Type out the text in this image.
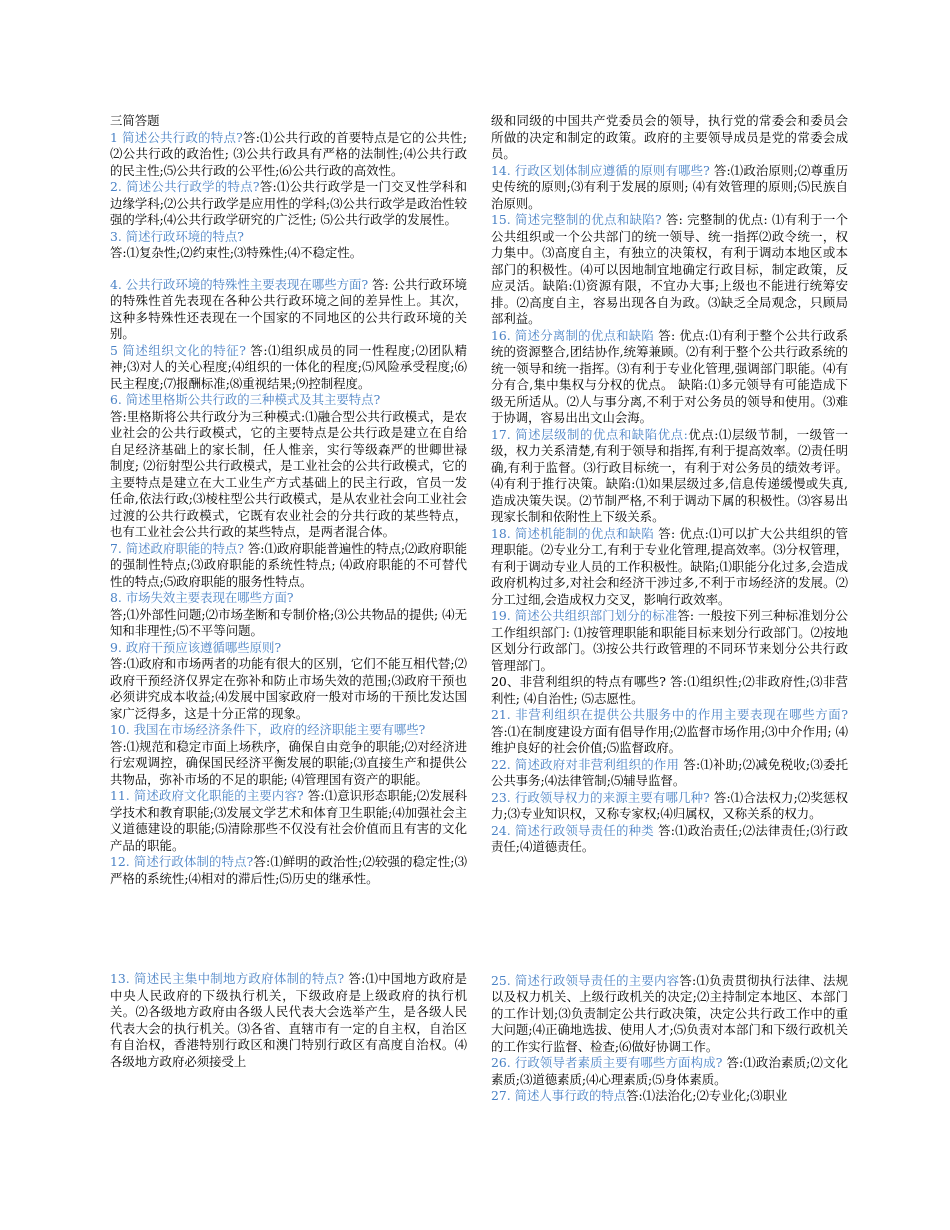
三简答题

1 简述公共行政的特点?答:⑴公共行政的首要特点是它的公共性;⑵公共行政的政治性; ⑶公共行政具有严格的法制性;⑷公共行政的民主性;⑸公共行政的公平性;⑹公共行政的高效性。

2. 简述公共行政学的特点?答:⑴公共行政学是一门交叉性学科和边缘学科;⑵公共行政学是应用性的学科;⑶公共行政学是政治性较强的学科;⑷公共行政学研究的广泛性; ⑸公共行政学的发展性。

3. 简述行政环境的特点?

答:⑴复杂性;⑵约束性;⑶特殊性;⑷不稳定性。

4. 公共行政环境的特殊性主要表现在哪些方面? 答: 公共行政环境的特殊性首先表现在各种公共行政环境之间的差异性上。其次，这种多特殊性还表现在一个国家的不同地区的公共行政环境的关别。

5 简述组织文化的特征? 答:⑴组织成员的同一性程度;⑵团队精神;⑶对人的关心程度;⑷组织的一体化的程度;⑸风险承受程度;⑹民主程度;⑺报酬标准;⑻重视结果;⑼控制程度。

6. 简述里格斯公共行政的三种模式及其主要特点?

答:里格斯将公共行政分为三种模式:⑴融合型公共行政模式，是农业社会的公共行政模式，它的主要特点是公共行政是建立在自给自足经济基础上的家长制，任人惟亲，实行等级森严的世卿世禄制度; ⑵衍射型公共行政模式，是工业社会的公共行政模式，它的主要特点是建立在大工业生产方式基础上的民主行政，官员一发任命,依法行政;⑶棱柱型公共行政模式，是从农业社会向工业社会过渡的公共行政模式，它既有农业社会的分共行政的某些特点，也有工业社会公共行政的某些特点，是两者混合体。

7. 简述政府职能的特点? 答:⑴政府职能普遍性的特点;⑵政府职能的强制性特点;⑶政府职能的系统性特点; ⑷政府职能的不可替代性的特点;⑸政府职能的服务性特点。

8. 市场失效主要表现在哪些方面?

答;⑴外部性问题;⑵市场垄断和专制价格;⑶公共物品的提供; ⑷无知和非理性;⑸不平等问题。

9. 政府干预应该遵循哪些原则?

答:⑴政府和市场两者的功能有很大的区别，它们不能互相代替;⑵政府干预经济仅界定在弥补和防止市场失效的范围;⑶政府干预也必须讲究成本收益;⑷发展中国家政府一般对市场的干预比发达国家广泛得多，这是十分正常的现象。

10. 我国在市场经济条件下，政府的经济职能主要有哪些?

答:⑴规范和稳定市面上场秩序，确保自由竞争的职能;⑵对经济进行宏观调控，确保国民经济平衡发展的职能;⑶直接生产和提供公共物品，弥补市场的不足的职能; ⑷管理国有资产的职能。

11. 简述政府文化职能的主要内容? 答:⑴意识形态职能;⑵发展科学技术和教育职能;⑶发展文学艺术和体育卫生职能;⑷加强社会主义道德建设的职能;⑸清除那些不仅没有社会价值而且有害的文化产品的职能。

12. 简述行政体制的特点?答:⑴鲜明的政治性;⑵较强的稳定性;⑶严格的系统性;⑷相对的滞后性;⑸历史的继承性。

13. 简述民主集中制地方政府体制的特点? 答:⑴中国地方政府是中央人民政府的下级执行机关，下级政府是上级政府的执行机关。⑵各级地方政府由各级人民代表大会选举产生，是各级人民代表大会的执行机关。⑶各省、直辖市有一定的自主权，自治区有自治权，香港特别行政区和澳门特别行政区有高度自治权。⑷各级地方政府必须接受上

级和同级的中国共产党委员会的领导，执行党的常委会和委员会所做的决定和制定的政策。政府的主要领导成员是党的常委会成员。

14. 行政区划体制应遵循的原则有哪些? 答:⑴政治原则;⑵尊重历史传统的原则;⑶有利于发展的原则; ⑷有效管理的原则;⑸民族自治原则。

15. 简述完整制的优点和缺陷? 答: 完整制的优点: ⑴有利于一个公共组织或一个公共部门的统一领导、统一指挥⑵政令统一，权力集中。⑶高度自主，有独立的决策权，有利于调动本地区或本部门的积极性。⑷可以因地制宜地确定行政目标，制定政策，反应灵活。缺陷:⑴资源有限，不宜办大事;上级也不能进行统筹安排。⑵高度自主，容易出现各自为政。⑶缺乏全局观念，只顾局部利益。

16. 简述分离制的优点和缺陷 答: 优点:⑴有利于整个公共行政系统的资源整合,团结协作,统筹兼顾。⑵有利于整个公共行政系统的统一领导和统一指挥。⑶有利于专业化管理,强调部门职能。⑷有分有合,集中集权与分权的优点。 缺陷:⑴多元领导有可能造成下级无所适从。⑵人与事分离,不利于对公务员的领导和使用。⑶难于协调，容易出出文山会海。

17. 简述层级制的优点和缺陷优点:优点:⑴层级节制，一级管一级，权力关系清楚,有利于领导和指挥,有利于提高效率。⑵责任明确,有利于监督。⑶行政目标统一，有利于对公务员的绩效考评。⑷有利于推行决策。缺陷:⑴如果层级过多,信息传递缓慢或失真,造成决策失误。⑵节制严格,不利于调动下属的积极性。⑶容易出现家长制和依附性上下级关系。

18. 简述机能制的优点和缺陷 答: 优点:⑴可以扩大公共组织的管理职能。⑵专业分工,有利于专业化管理,提高效率。⑶分权管理，有利于调动专业人员的工作积极性。缺陷;⑴职能分化过多,会造成政府机构过多,对社会和经济干涉过多,不利于市场经济的发展。⑵分工过细,会造成权力交叉，影响行政效率。

19. 简述公共组织部门划分的标准答: 一般按下列三种标准划分公工作组织部门: ⑴按管理职能和职能目标来划分行政部门。⑵按地区划分行政部门。⑶按公共行政管理的不同环节来划分公共行政管理部门。

20、非营利组织的特点有哪些? 答:⑴组织性;⑵非政府性;⑶非营利性; ⑷自治性; ⑸志愿性。

21. 非营利组织在提供公共服务中的作用主要表现在哪些方面? 答:⑴在制度建设方面有倡导作用;⑵监督市场作用;⑶中介作用; ⑷维护良好的社会价值;⑸监督政府。

22. 简述政府对非营利组织的作用 答:⑴补助;⑵减免税收;⑶委托公共事务;⑷法律管制;⑸辅导监督。

23. 行政领导权力的来源主要有哪几种? 答:⑴合法权力;⑵奖惩权力;⑶专业知识权，又称专家权;⑷归属权，又称关系的权力。

24. 简述行政领导责任的种类 答:⑴政治责任;⑵法律责任;⑶行政责任;⑷道德责任。

25. 简述行政领导责任的主要内容答:⑴负责贯彻执行法律、法规以及权力机关、上级行政机关的决定;⑵主持制定本地区、本部门的工作计划;⑶负责制定公共行政决策，决定公共行政工作中的重大问题;⑷正确地选拔、使用人才;⑸负责对本部门和下级行政机关的工作实行监督、检查;⑹做好协调工作。

26. 行政领导者素质主要有哪些方面构成? 答:⑴政治素质;⑵文化素质;⑶道德素质;⑷心理素质;⑸身体素质。

27. 简述人事行政的特点答:⑴法治化;⑵专业化;⑶职业
